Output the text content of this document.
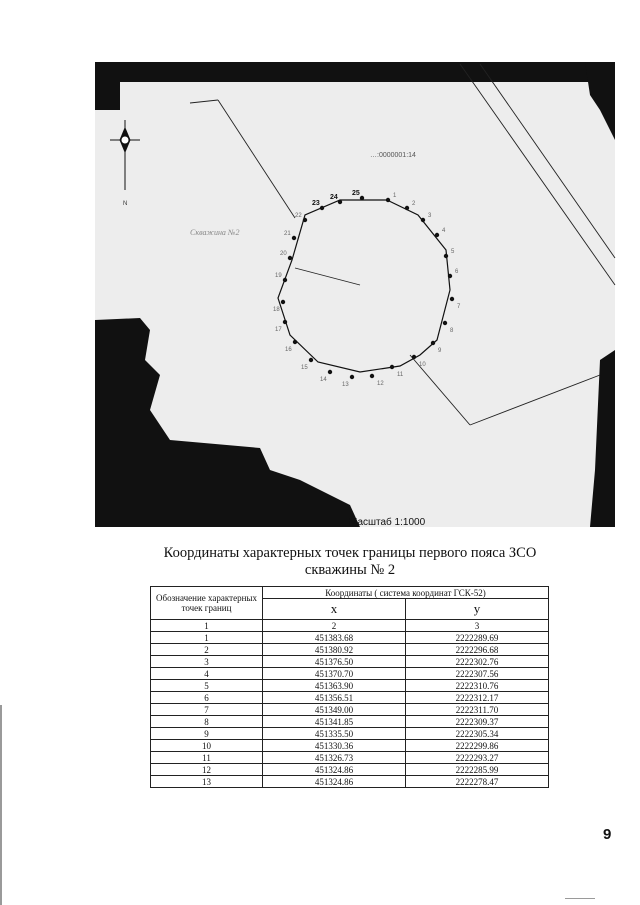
N
…:0000001:14
Скважина №2
1
2
3
4
5
6
7
8
9
10
11
12
13
14
15
16
17
18
19
20
21
22
23
24
25
Масштаб 1:1000
Координаты характерных точек границы первого пояса ЗСО
скважины № 2
Обозначение характерных точек границ	Координаты ( система координат ГСК-52)	
	x	y
1	2	3
1	451383.68	2222289.69
2	451380.92	2222296.68
3	451376.50	2222302.76
4	451370.70	2222307.56
5	451363.90	2222310.76
6	451356.51	2222312.17
7	451349.00	2222311.70
8	451341.85	2222309.37
9	451335.50	2222305.34
10	451330.36	2222299.86
11	451326.73	2222293.27
12	451324.86	2222285.99
13	451324.86	2222278.47
9
